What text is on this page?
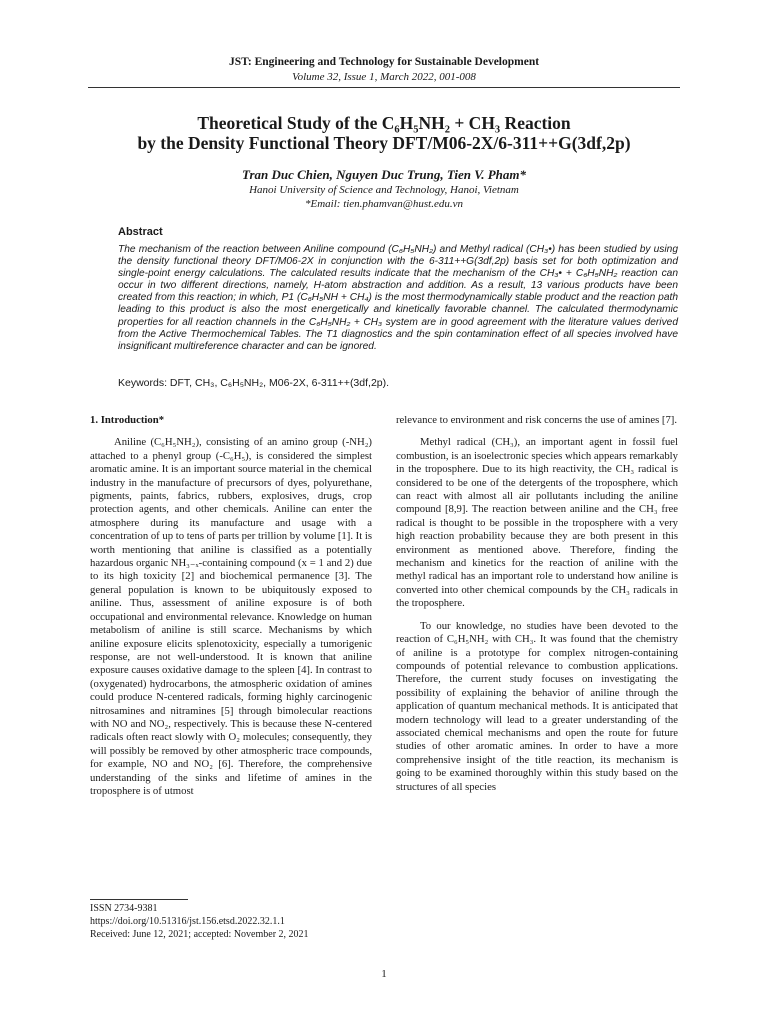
JST: Engineering and Technology for Sustainable Development
Volume 32, Issue 1, March 2022, 001-008
Theoretical Study of the C₆H₅NH₂ + CH₃ Reaction
by the Density Functional Theory DFT/M06-2X/6-311++G(3df,2p)
Tran Duc Chien, Nguyen Duc Trung, Tien V. Pham*
Hanoi University of Science and Technology, Hanoi, Vietnam
*Email: tien.phamvan@hust.edu.vn
Abstract
The mechanism of the reaction between Aniline compound (C₆H₅NH₂) and Methyl radical (CH₃•) has been studied by using the density functional theory DFT/M06-2X in conjunction with the 6-311++G(3df,2p) basis set for both optimization and single-point energy calculations. The calculated results indicate that the mechanism of the CH₃• + C₆H₅NH₂ reaction can occur in two different directions, namely, H-atom abstraction and addition. As a result, 13 various products have been created from this reaction; in which, P1 (C₆H₅NH + CH₄) is the most thermodynamically stable product and the reaction path leading to this product is also the most energetically and kinetically favorable channel. The calculated thermodynamic properties for all reaction channels in the C₆H₅NH₂ + CH₃ system are in good agreement with the literature values derived from the Active Thermochemical Tables. The T1 diagnostics and the spin contamination effect of all species involved have insignificant multireference character and can be ignored.
Keywords: DFT, CH₃, C₆H₅NH₂, M06-2X, 6-311++(3df,2p).

1. Introduction*

Aniline (C₆H₅NH₂), consisting of an amino group (-NH₂) attached to a phenyl group (-C₆H₅), is considered the simplest aromatic amine. It is an important source material in the chemical industry in the manufacture of precursors of dyes, polyurethane, pigments, paints, fabrics, rubbers, explosives, drugs, crop protection agents, and other chemicals. Aniline can enter the atmosphere during its manufacture and usage with a concentration of up to tens of parts per trillion by volume [1]. It is worth mentioning that aniline is classified as a potentially hazardous organic NH₃₋ₓ-containing compound (x = 1 and 2) due to its high toxicity [2] and biochemical permanence [3]. The general population is known to be ubiquitously exposed to aniline. Thus, assessment of aniline exposure is of both occupational and environmental relevance. Knowledge on human metabolism of aniline is still scarce. Mechanisms by which aniline exposure elicits splenotoxicity, especially a tumorigenic response, are not well-understood. It is known that aniline exposure causes oxidative damage to the spleen [4]. In contrast to (oxygenated) hydrocarbons, the atmospheric oxidation of amines could produce N-centered radicals, forming highly carcinogenic nitrosamines and nitramines [5] through bimolecular reactions with NO and NO₂, respectively. This is because these N-centered radicals often react slowly with O₂ molecules; consequently, they will possibly be removed by other atmospheric trace compounds, for example, NO and NO₂ [6]. Therefore, the comprehensive understanding of the sinks and lifetime of amines in the troposphere is of utmost

relevance to environment and risk concerns the use of amines [7].

Methyl radical (CH₃), an important agent in fossil fuel combustion, is an isoelectronic species which appears remarkably in the troposphere. Due to its high reactivity, the CH₃ radical is considered to be one of the detergents of the troposphere, which can react with almost all air pollutants including the aniline compound [8,9]. The reaction between aniline and the CH₃ free radical is thought to be possible in the troposphere with a very high reaction probability because they are both present in this environment as mentioned above. Therefore, finding the mechanism and kinetics for the reaction of aniline with the methyl radical has an important role to understand how aniline is converted into other chemical compounds by the CH₃ radicals in the troposphere.

To our knowledge, no studies have been devoted to the reaction of C₆H₅NH₂ with CH₃. It was found that the chemistry of aniline is a prototype for complex nitrogen-containing compounds of potential relevance to combustion applications. Therefore, the current study focuses on investigating the possibility of explaining the behavior of aniline through the application of quantum mechanical methods. It is anticipated that modern technology will lead to a greater understanding of the associated chemical mechanisms and open the route for future studies of other aromatic amines. In order to have a more comprehensive insight of the title reaction, its mechanism is going to be examined thoroughly within this study based on the structures of all species

ISSN 2734-9381
https://doi.org/10.51316/jst.156.etsd.2022.32.1.1
Received: June 12, 2021; accepted: November 2, 2021
1
